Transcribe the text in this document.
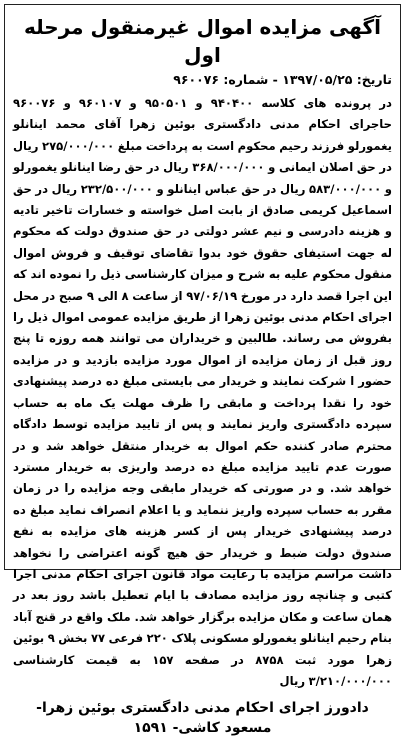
آگهی مزایده اموال غیرمنقول مرحله اول
تاریخ: ۱۳۹۷/۰۵/۲۵ - شماره: ۹۶۰۰۷۶

در پرونده های کلاسه ۹۴۰۴۰۰ و ۹۵۰۵۰۱ و ۹۶۰۱۰۷ و ۹۶۰۰۷۶ حاجرای احکام مدنی دادگستری بوئین زهرا آقای محمد اینانلو یغمورلو فرزند رحیم محکوم است به پرداخت مبلغ ۲۷۵/۰۰۰/۰۰۰ ریال در حق اصلان ایمانی و ۳۶۸/۰۰۰/۰۰۰ ریال در حق رضا اینانلو یغمورلو و ۵۸۳/۰۰۰/۰۰۰ ریال در حق عباس اینانلو و ۲۳۲/۵۰۰/۰۰۰ ریال در حق اسماعیل کریمی صادق از بابت اصل خواسته و خسارات تاخیر تادیه و هزینه دادرسی و نیم عشر دولتی در حق صندوق دولت که محکوم له جهت استیفای حقوق خود بدوا تقاضای توقیف و فروش اموال منقول محکوم علیه به شرح و میزان کارشناسی ذیل را نموده اند که این اجرا قصد دارد در مورخ ۹۷/۰۶/۱۹ از ساعت ۸ الی ۹ صبح در محل اجرای احکام مدنی بوئین زهرا از طریق مزایده عمومی اموال ذیل را بفروش می رساند. طالبین و خریداران می توانند همه روزه تا پنج روز قبل از زمان مزایده از اموال مورد مزایده بازدید و در مزایده حضور ا شرکت نمایند و خریدار می بایستی مبلغ ده درصد پیشنهادی خود را نقدا پرداخت و مابقی را ظرف مهلت یک ماه به حساب سپرده دادگستری واریز نمایند و پس از تایید مزایده توسط دادگاه محترم صادر کننده حکم اموال به خریدار منتقل خواهد شد و در صورت عدم تایید مزایده مبلغ ده درصد واریزی به خریدار مسترد خواهد شد. و در صورتی که خریدار مابقی وجه مزایده را در زمان مقرر به حساب سپرده واریز ننماید و یا اعلام انصراف نماید مبلغ ده درصد پیشنهادی خریدار پس از کسر هزینه های مزایده به نفع صندوق دولت ضبط و خریدار حق هیچ گونه اعتراضی را نخواهد داشت مراسم مزایده با رعایت مواد قانون اجرای احکام مدنی اجرا کتبی و چنانچه روز مزایده مصادف با ایام تعطیل باشد روز بعد در همان ساعت و مکان مزایده برگزار خواهد شد. ملک واقع در قنج آباد بنام رحیم اینانلو یغمورلو مسکونی پلاک ۲۲۰ فرعی ۷۷ بخش ۹ بوئین زهرا مورد ثبت ۸۷۵۸ در صفحه ۱۵۷ به قیمت کارشناسی ۳/۲۱۰/۰۰۰/۰۰۰ ریال

دادورز اجرای احکام مدنی دادگستری بوئین زهرا- مسعود کاشی- ۱۵۹۱
